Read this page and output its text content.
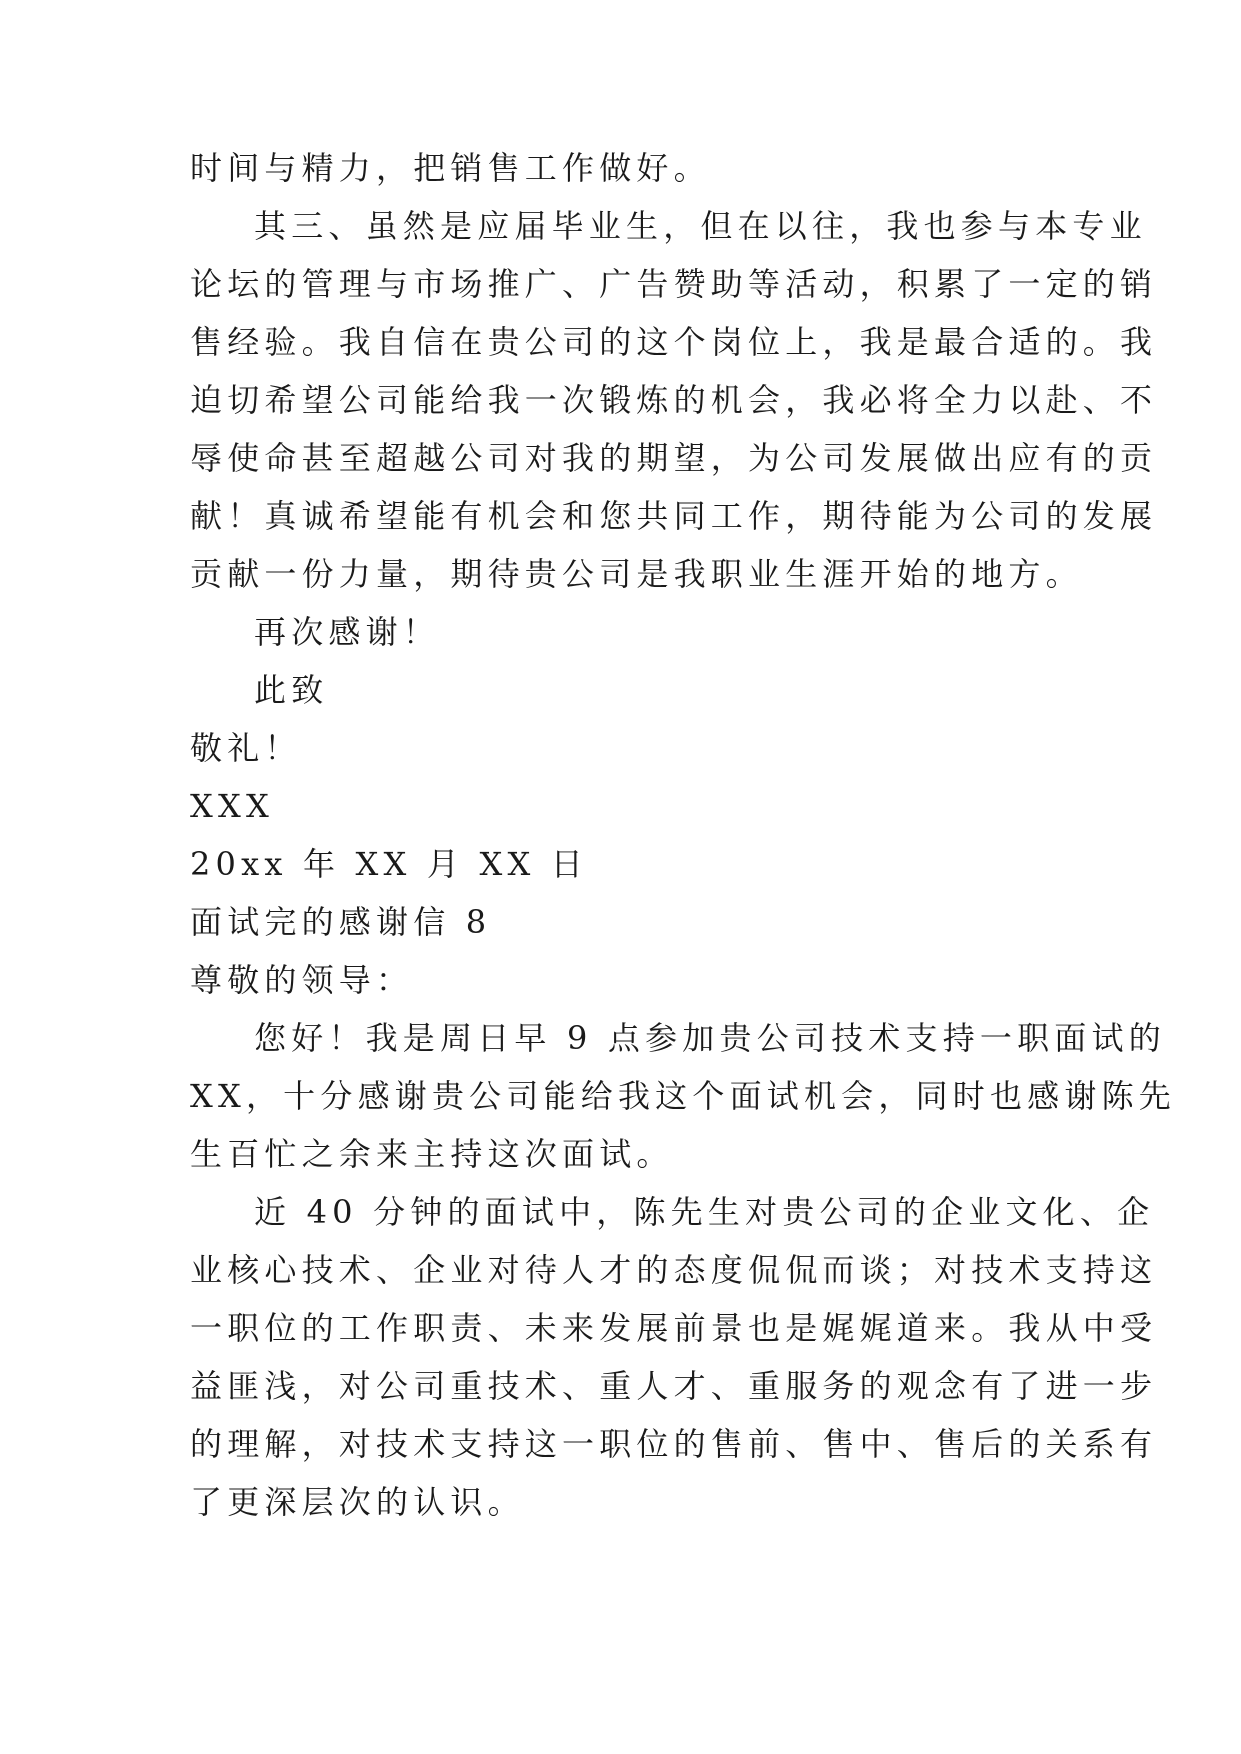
时间与精力，把销售工作做好。
其三、虽然是应届毕业生，但在以往，我也参与本专业
论坛的管理与市场推广、广告赞助等活动，积累了一定的销
售经验。我自信在贵公司的这个岗位上，我是最合适的。我
迫切希望公司能给我一次锻炼的机会，我必将全力以赴、不
辱使命甚至超越公司对我的期望，为公司发展做出应有的贡
献！真诚希望能有机会和您共同工作，期待能为公司的发展
贡献一份力量，期待贵公司是我职业生涯开始的地方。
再次感谢！
此致
敬礼！
XXX
20xx 年 XX 月 XX 日
面试完的感谢信 8
尊敬的领导：
您好！我是周日早 9 点参加贵公司技术支持一职面试的
XX，十分感谢贵公司能给我这个面试机会，同时也感谢陈先
生百忙之余来主持这次面试。
近 40 分钟的面试中，陈先生对贵公司的企业文化、企
业核心技术、企业对待人才的态度侃侃而谈；对技术支持这
一职位的工作职责、未来发展前景也是娓娓道来。我从中受
益匪浅，对公司重技术、重人才、重服务的观念有了进一步
的理解，对技术支持这一职位的售前、售中、售后的关系有
了更深层次的认识。
